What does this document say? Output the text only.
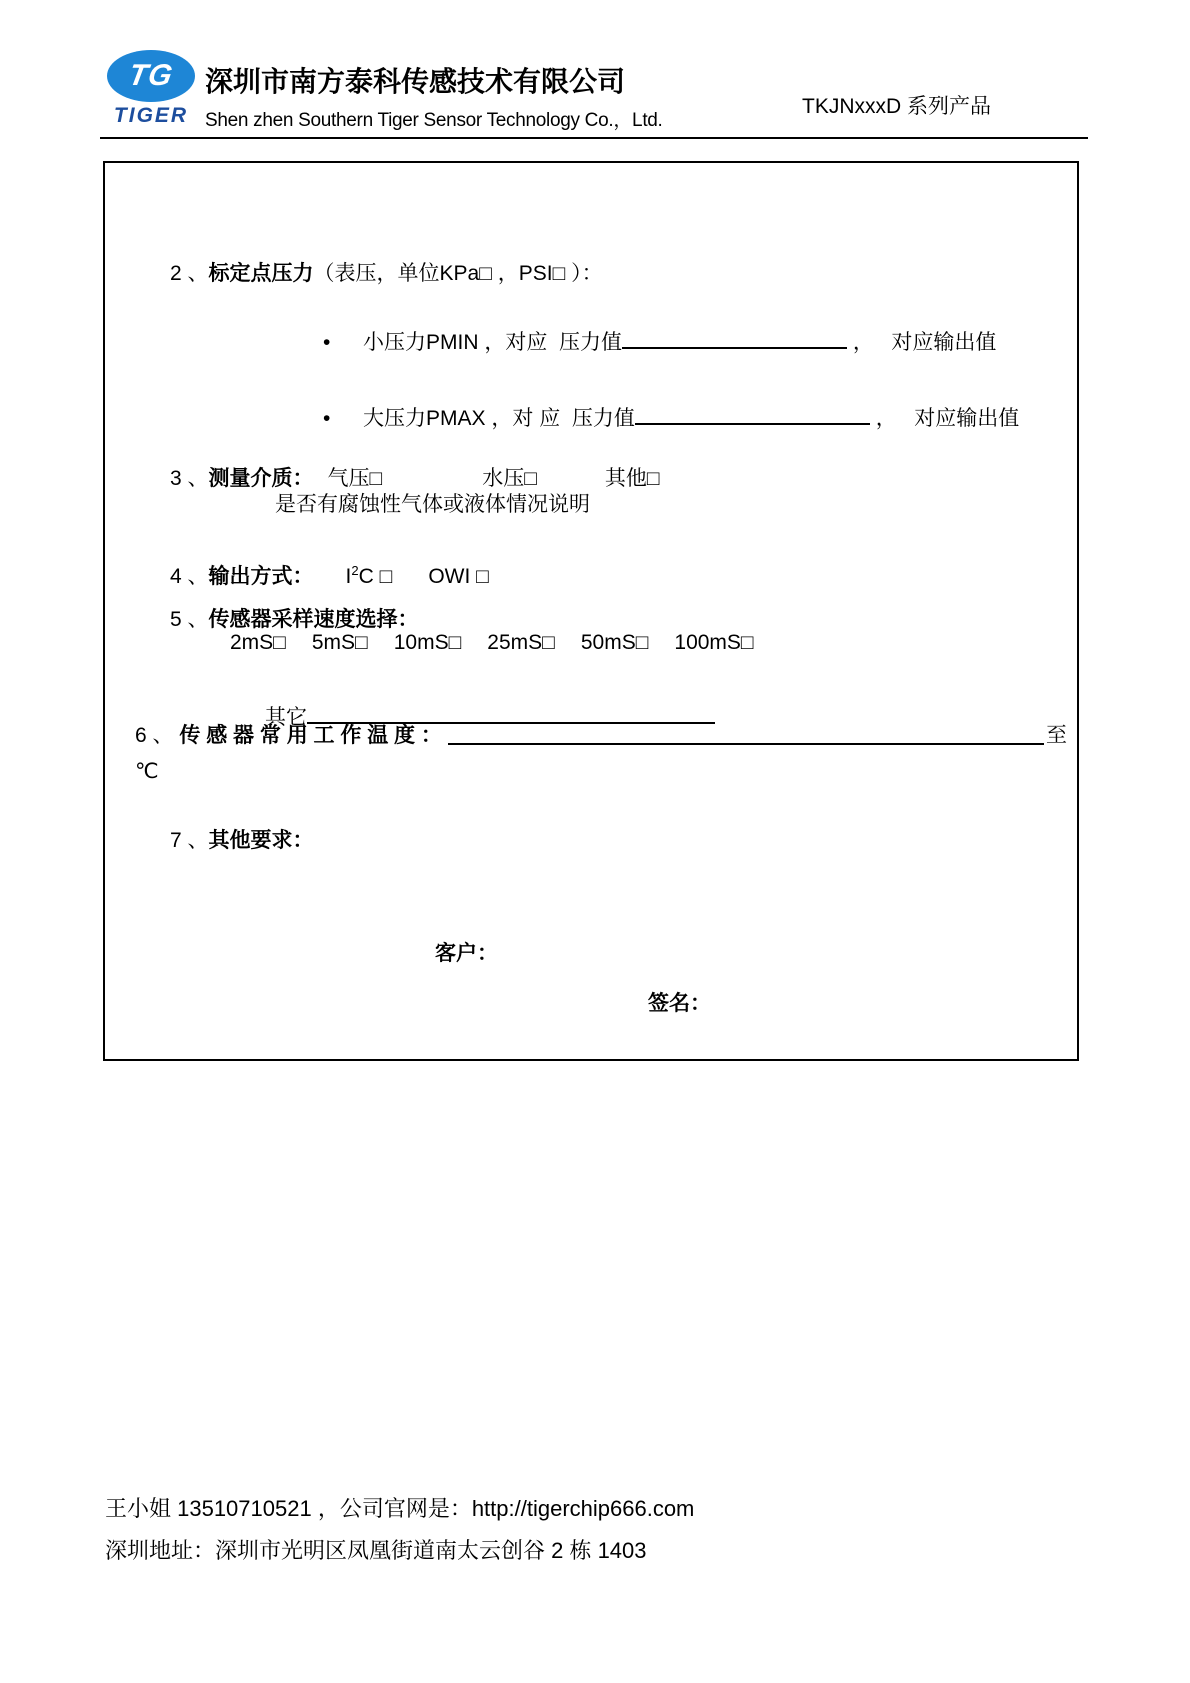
TG
TIGER
深圳市南方泰科传感技术有限公司
Shen zhen Southern Tiger Sensor Technology Co.，Ltd.
TKJNxxxD 系列产品

2 、标定点压力（表压，单位KPa□ ，PSI□ ）：

• 小压力PMIN ，对应  压力值	，   对应输出值

• 大压力PMAX ，对 应  压力值	，   对应输出值

3 、测量介质： 气压□	水压□	其他□

是否有腐蚀性气体或液体情况说明

4 、输出方式： $I^2C$ □ OWI □

5 、传感器采样速度选择：

2mS□ 5mS□ 10mS□ 25mS□ 50mS□ 100mS□

其它

6 、 传 感 器 常 用 工 作 温 度 ：	至
℃

7 、其他要求：

客户：
签名：
王小姐 13510710521 ，公司官网是：http://tigerchip666.com
深圳地址：深圳市光明区凤凰街道南太云创谷 2 栋 1403
